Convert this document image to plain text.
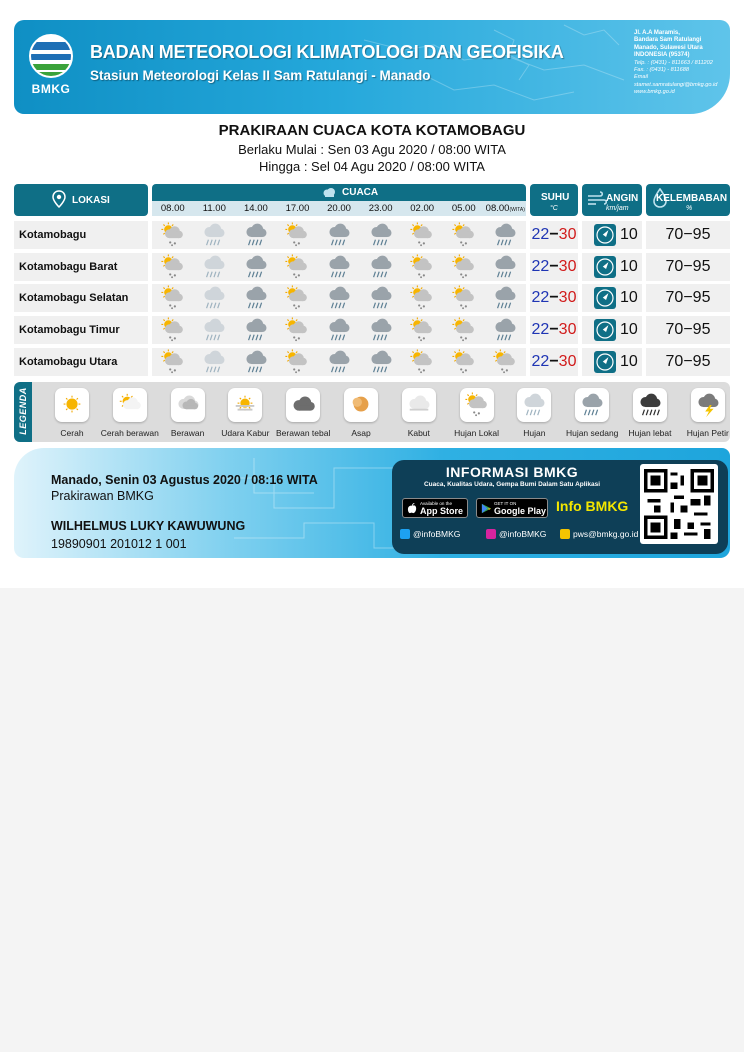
BMKG
BADAN METEOROLOGI KLIMATOLOGI DAN GEOFISIKA
Stasiun Meteorologi Kelas II Sam Ratulangi - Manado
Jl. A.A Maramis,
Bandara Sam Ratulangi
Manado, Sulawesi Utara
INDONESIA (95374)
Telp. : (0431) - 811663 / 811202
Fax. : (0431) - 811688
Email
stamet.samratulangi@bmkg.go.id
www.bmkg.go.id
PRAKIRAAN CUACA KOTA KOTAMOBAGU
Berlaku Mulai : Sen 03 Agu 2020 / 08:00 WITA
Hingga : Sel 04 Agu 2020 / 08:00 WITA
LOKASI
CUACA
08.00	11.00	14.00	17.00	20.00	23.00	02.00	05.00	08.00(WITA)
SUHU
°C
ANGIN
km/jam
KELEMBABAN
%
Kotamobagu	22−30	10	70−95
Kotamobagu Barat	22−30	10	70−95
Kotamobagu Selatan	22−30	10	70−95
Kotamobagu Timur	22−30	10	70−95
Kotamobagu Utara	22−30	10	70−95
LEGENDA	Cerah	Cerah berawan	Berawan	Udara Kabur Berawan tebal	Asap	Kabut	Hujan Lokal	Hujan	Hujan sedang	Hujan lebat	Hujan Petir
Manado, Senin 03 Agustus 2020 / 08:16 WITA
Prakirawan BMKG
WILHELMUS LUKY KAWUWUNG
19890901 201012 1 001
INFORMASI BMKG
Cuaca, Kualitas Udara, Gempa Bumi Dalam Satu Aplikasi
Available on the
App Store
GET IT ON
Google Play Info BMKG
@infoBMKG	@infoBMKG	pws@bmkg.go.id
